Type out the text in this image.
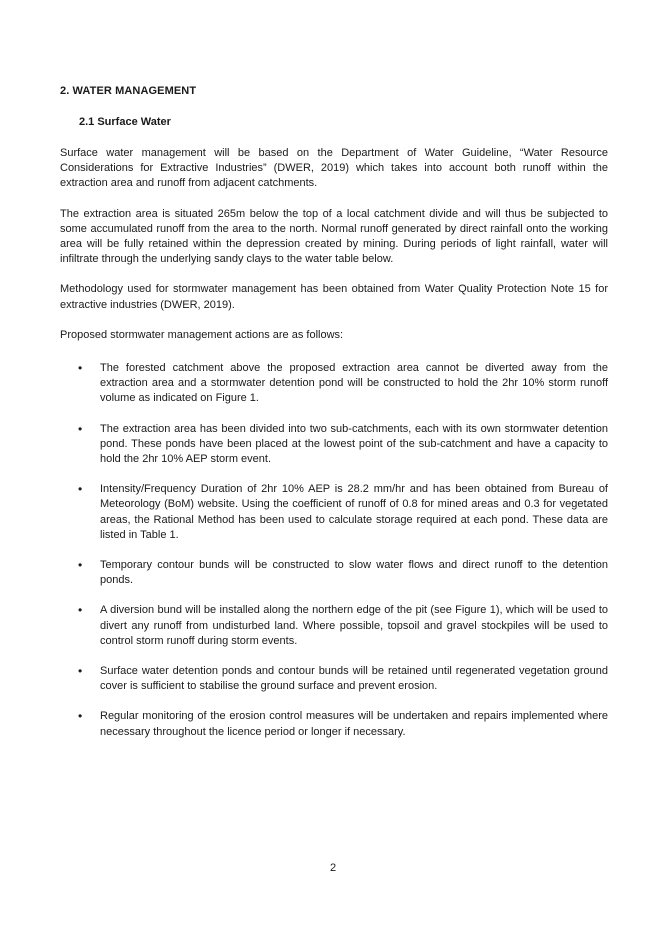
2. WATER MANAGEMENT
2.1 Surface Water

Surface water management will be based on the Department of Water Guideline, “Water Resource Considerations for Extractive Industries” (DWER, 2019) which takes into account both runoff within the extraction area and runoff from adjacent catchments.

The extraction area is situated 265m below the top of a local catchment divide and will thus be subjected to some accumulated runoff from the area to the north. Normal runoff generated by direct rainfall onto the working area will be fully retained within the depression created by mining. During periods of light rainfall, water will infiltrate through the underlying sandy clays to the water table below.

Methodology used for stormwater management has been obtained from Water Quality Protection Note 15 for extractive industries (DWER, 2019).

Proposed stormwater management actions are as follows:

• The forested catchment above the proposed extraction area cannot be diverted away from the extraction area and a stormwater detention pond will be constructed to hold the 2hr 10% storm runoff volume as indicated on Figure 1.
• The extraction area has been divided into two sub-catchments, each with its own stormwater detention pond. These ponds have been placed at the lowest point of the sub-catchment and have a capacity to hold the 2hr 10% AEP storm event.
• Intensity/Frequency Duration of 2hr 10% AEP is 28.2 mm/hr and has been obtained from Bureau of Meteorology (BoM) website. Using the coefficient of runoff of 0.8 for mined areas and 0.3 for vegetated areas, the Rational Method has been used to calculate storage required at each pond. These data are listed in Table 1.
• Temporary contour bunds will be constructed to slow water flows and direct runoff to the detention ponds.
• A diversion bund will be installed along the northern edge of the pit (see Figure 1), which will be used to divert any runoff from undisturbed land. Where possible, topsoil and gravel stockpiles will be used to control storm runoff during storm events.
• Surface water detention ponds and contour bunds will be retained until regenerated vegetation ground cover is sufficient to stabilise the ground surface and prevent erosion.
• Regular monitoring of the erosion control measures will be undertaken and repairs implemented where necessary throughout the licence period or longer if necessary.
2
